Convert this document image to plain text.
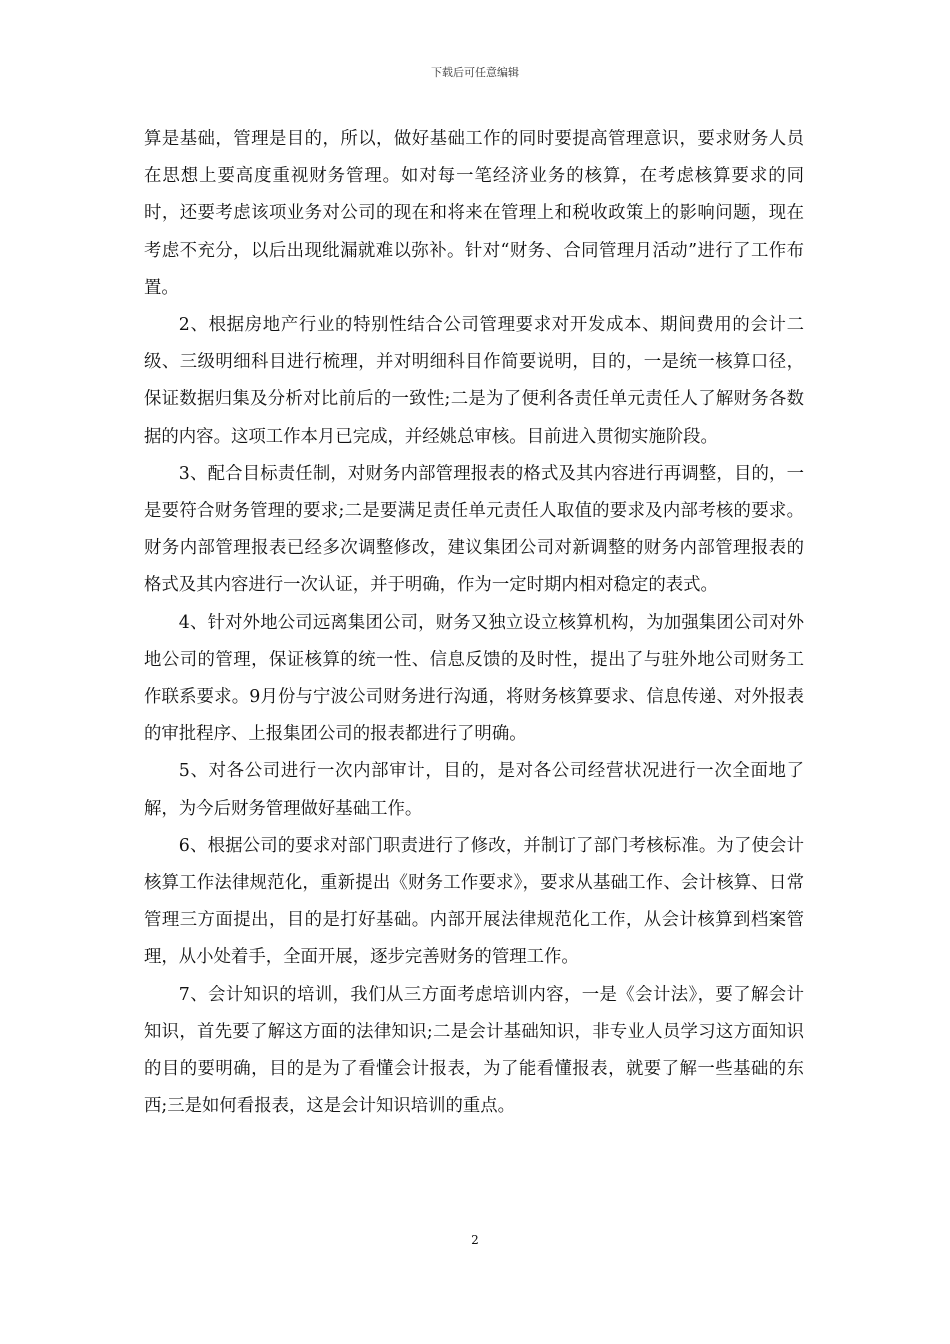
下载后可任意编辑

算是基础，管理是目的，所以，做好基础工作的同时要提高管理意识，要求财务人员在思想上要高度重视财务管理。如对每一笔经济业务的核算，在考虑核算要求的同时，还要考虑该项业务对公司的现在和将来在管理上和税收政策上的影响问题，现在考虑不充分，以后出现纰漏就难以弥补。针对“财务、合同管理月活动”进行了工作布置。

2、根据房地产行业的特别性结合公司管理要求对开发成本、期间费用的会计二级、三级明细科目进行梳理，并对明细科目作简要说明，目的，一是统一核算口径，保证数据归集及分析对比前后的一致性;二是为了便利各责任单元责任人了解财务各数据的内容。这项工作本月已完成，并经姚总审核。目前进入贯彻实施阶段。

3、配合目标责任制，对财务内部管理报表的格式及其内容进行再调整，目的，一是要符合财务管理的要求;二是要满足责任单元责任人取值的要求及内部考核的要求。财务内部管理报表已经多次调整修改，建议集团公司对新调整的财务内部管理报表的格式及其内容进行一次认证，并于明确，作为一定时期内相对稳定的表式。

4、针对外地公司远离集团公司，财务又独立设立核算机构，为加强集团公司对外地公司的管理，保证核算的统一性、信息反馈的及时性，提出了与驻外地公司财务工作联系要求。9月份与宁波公司财务进行沟通，将财务核算要求、信息传递、对外报表的审批程序、上报集团公司的报表都进行了明确。

5、对各公司进行一次内部审计，目的，是对各公司经营状况进行一次全面地了解，为今后财务管理做好基础工作。

6、根据公司的要求对部门职责进行了修改，并制订了部门考核标准。为了使会计核算工作法律规范化，重新提出《财务工作要求》，要求从基础工作、会计核算、日常管理三方面提出，目的是打好基础。内部开展法律规范化工作，从会计核算到档案管理，从小处着手，全面开展，逐步完善财务的管理工作。

7、会计知识的培训，我们从三方面考虑培训内容，一是《会计法》，要了解会计知识，首先要了解这方面的法律知识;二是会计基础知识，非专业人员学习这方面知识的目的要明确，目的是为了看懂会计报表，为了能看懂报表，就要了解一些基础的东西;三是如何看报表，这是会计知识培训的重点。

2
